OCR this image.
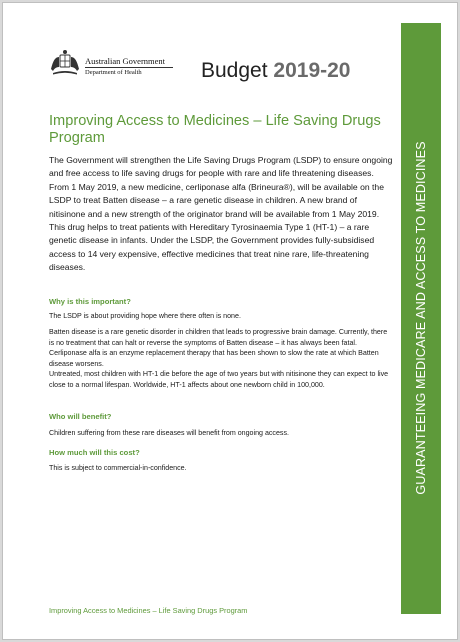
Australian Government
Department of Health	Budget 2019-20
GUARANTEEING MEDICARE AND ACCESS TO MEDICINES
Improving Access to Medicines – Life Saving Drugs Program
The Government will strengthen the Life Saving Drugs Program (LSDP) to ensure ongoing and free access to life saving drugs for people with rare and life threatening diseases. From 1 May 2019, a new medicine, cerliponase alfa (Brineura®), will be available on the LSDP to treat Batten disease – a rare genetic disease in children. A new brand of nitisinone and a new strength of the originator brand will be available from 1 May 2019. This drug helps to treat patients with Hereditary Tyrosinaemia Type 1 (HT-1) – a rare genetic disease in infants. Under the LSDP, the Government provides fully-subsidised access to 14 very expensive, effective medicines that treat nine rare, life-threatening diseases.
Why is this important?
The LSDP is about providing hope where there often is none.
Batten disease is a rare genetic disorder in children that leads to progressive brain damage. Currently, there is no treatment that can halt or reverse the symptoms of Batten disease – it has always been fatal. Cerliponase alfa is an enzyme replacement therapy that has been shown to slow the rate at which Batten disease worsens.
Untreated, most children with HT-1 die before the age of two years but with nitisinone they can expect to live close to a normal lifespan. Worldwide, HT-1 affects about one newborn child in 100,000.
Who will benefit?
Children suffering from these rare diseases will benefit from ongoing access.
How much will this cost?
This is subject to commercial-in-confidence.
Improving Access to Medicines – Life Saving Drugs Program
